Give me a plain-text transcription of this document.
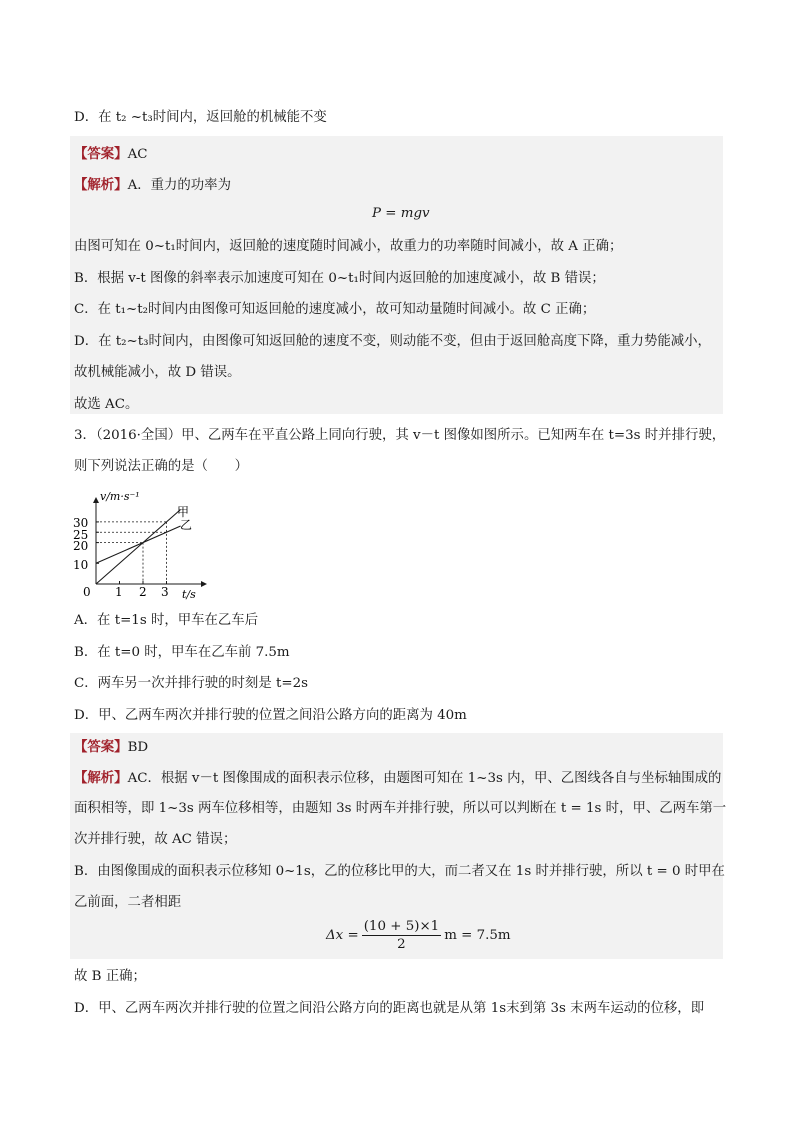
D．在 t₂ ~t₃时间内，返回舱的机械能不变
【答案】AC
【解析】A．重力的功率为
P = mgv
由图可知在 0~t₁时间内，返回舱的速度随时间减小，故重力的功率随时间减小，故 A 正确；
B．根据 v-t 图像的斜率表示加速度可知在 0~t₁时间内返回舱的加速度减小，故 B 错误；
C．在 t₁~t₂时间内由图像可知返回舱的速度减小，故可知动量随时间减小。故 C 正确；
D．在 t₂~t₃时间内，由图像可知返回舱的速度不变，则动能不变，但由于返回舱高度下降，重力势能减小，
故机械能减小，故 D 错误。
故选 AC。
3．（2016·全国）甲、乙两车在平直公路上同向行驶，其 v－t 图像如图所示。已知两车在 t=3s 时并排行驶，
则下列说法正确的是（　　）
v/m·s⁻¹
t/s
0
30
25
20
10
1 2 3
甲
乙
A．在 t=1s 时，甲车在乙车后
B．在 t=0 时，甲车在乙车前 7.5m
C．两车另一次并排行驶的时刻是 t=2s
D．甲、乙两车两次并排行驶的位置之间沿公路方向的距离为 40m
【答案】BD
【解析】AC．根据 v－t 图像围成的面积表示位移，由题图可知在 1~3s 内，甲、乙图线各自与坐标轴围成的
面积相等，即 1~3s 两车位移相等，由题知 3s 时两车并排行驶，所以可以判断在 t = 1s 时，甲、乙两车第一
次并排行驶，故 AC 错误；
B．由图像围成的面积表示位移知 0~1s，乙的位移比甲的大，而二者又在 1s 时并排行驶，所以 t = 0 时甲在
乙前面，二者相距
$\Delta x = \frac{(10 + 5)\times 1}{2}$ m = 7.5m
故 B 正确；
D．甲、乙两车两次并排行驶的位置之间沿公路方向的距离也就是从第 1s末到第 3s 末两车运动的位移，即
